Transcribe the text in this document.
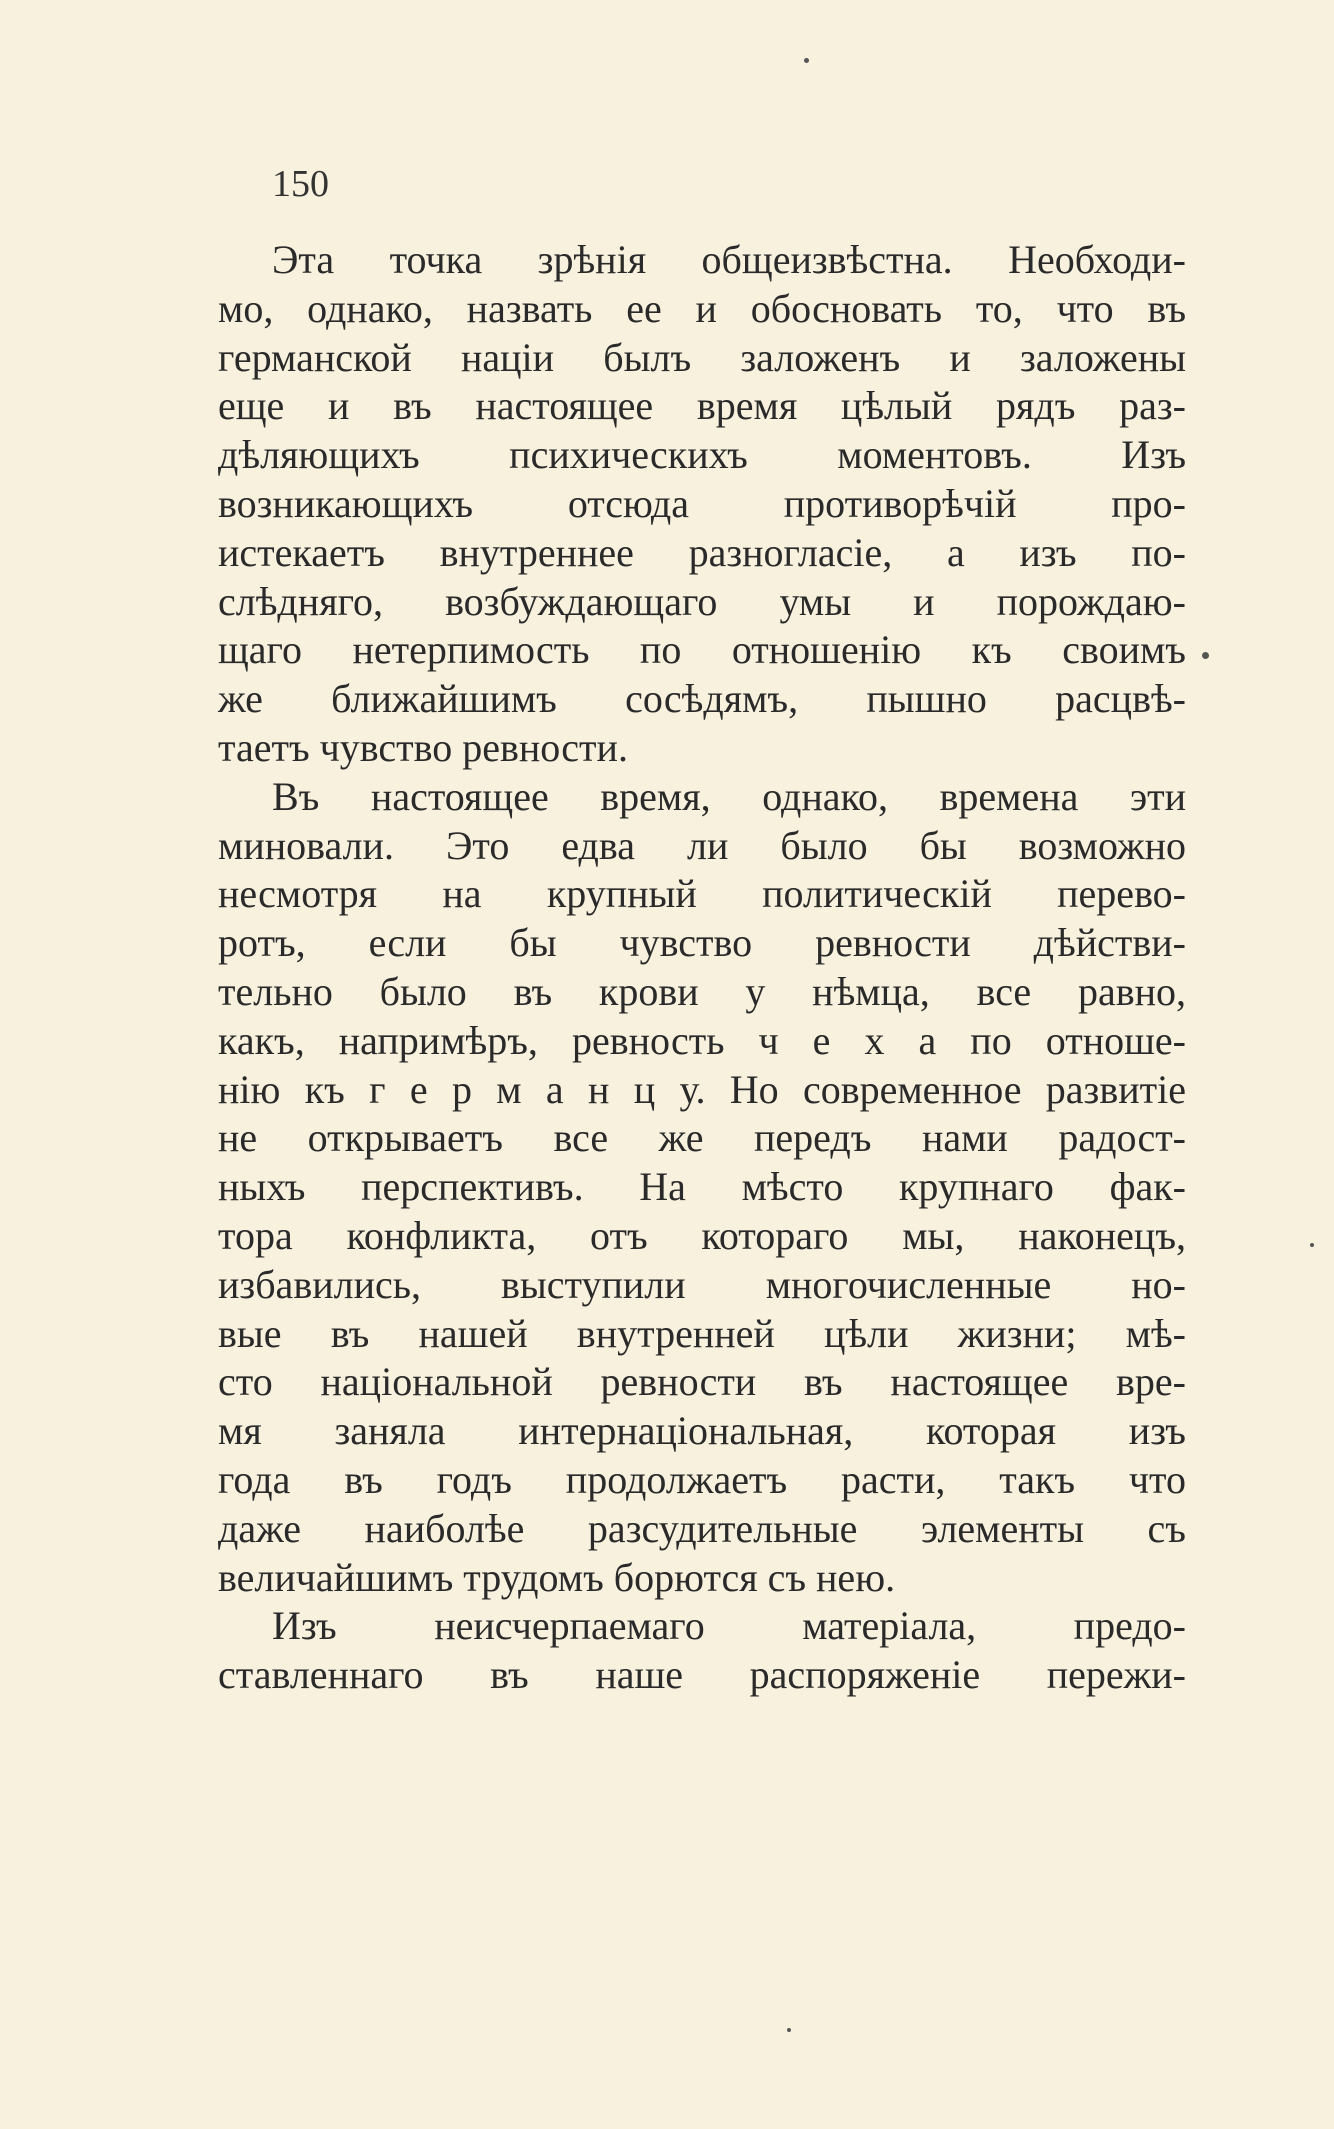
150
Эта точка зрѣнія общеизвѣстна. Необходи-
мо, однако, назвать ее и обосновать то, что въ
германской націи былъ заложенъ и заложены
еще и въ настоящее время цѣлый рядъ раз-
дѣляющихъ психическихъ моментовъ. Изъ
возникающихъ отсюда противорѣчій про-
истекаетъ внутреннее разногласіе, а изъ по-
слѣдняго, возбуждающаго умы и порождаю-
щаго нетерпимость по отношенію къ своимъ
же ближайшимъ сосѣдямъ, пышно расцвѣ-
таетъ чувство ревности.
Въ настоящее время, однако, времена эти
миновали. Это едва ли было бы возможно
несмотря на крупный политическій перево-
ротъ, если бы чувство ревности дѣйстви-
тельно было въ крови у нѣмца, все равно,
какъ, напримѣръ, ревность ч е х а по отноше-
нію къ г е р м а н ц у. Но современное развитіе
не открываетъ все же передъ нами радост-
ныхъ перспективъ. На мѣсто крупнаго фак-
тора конфликта, отъ котораго мы, наконецъ,
избавились, выступили многочисленные но-
вые въ нашей внутренней цѣли жизни; мѣ-
сто національной ревности въ настоящее вре-
мя заняла интернаціональная, которая изъ
года въ годъ продолжаетъ расти, такъ что
даже наиболѣе разсудительные элементы съ
величайшимъ трудомъ борются съ нею.
Изъ неисчерпаемаго матеріала, предо-
ставленнаго въ наше распоряженіе пережи-
